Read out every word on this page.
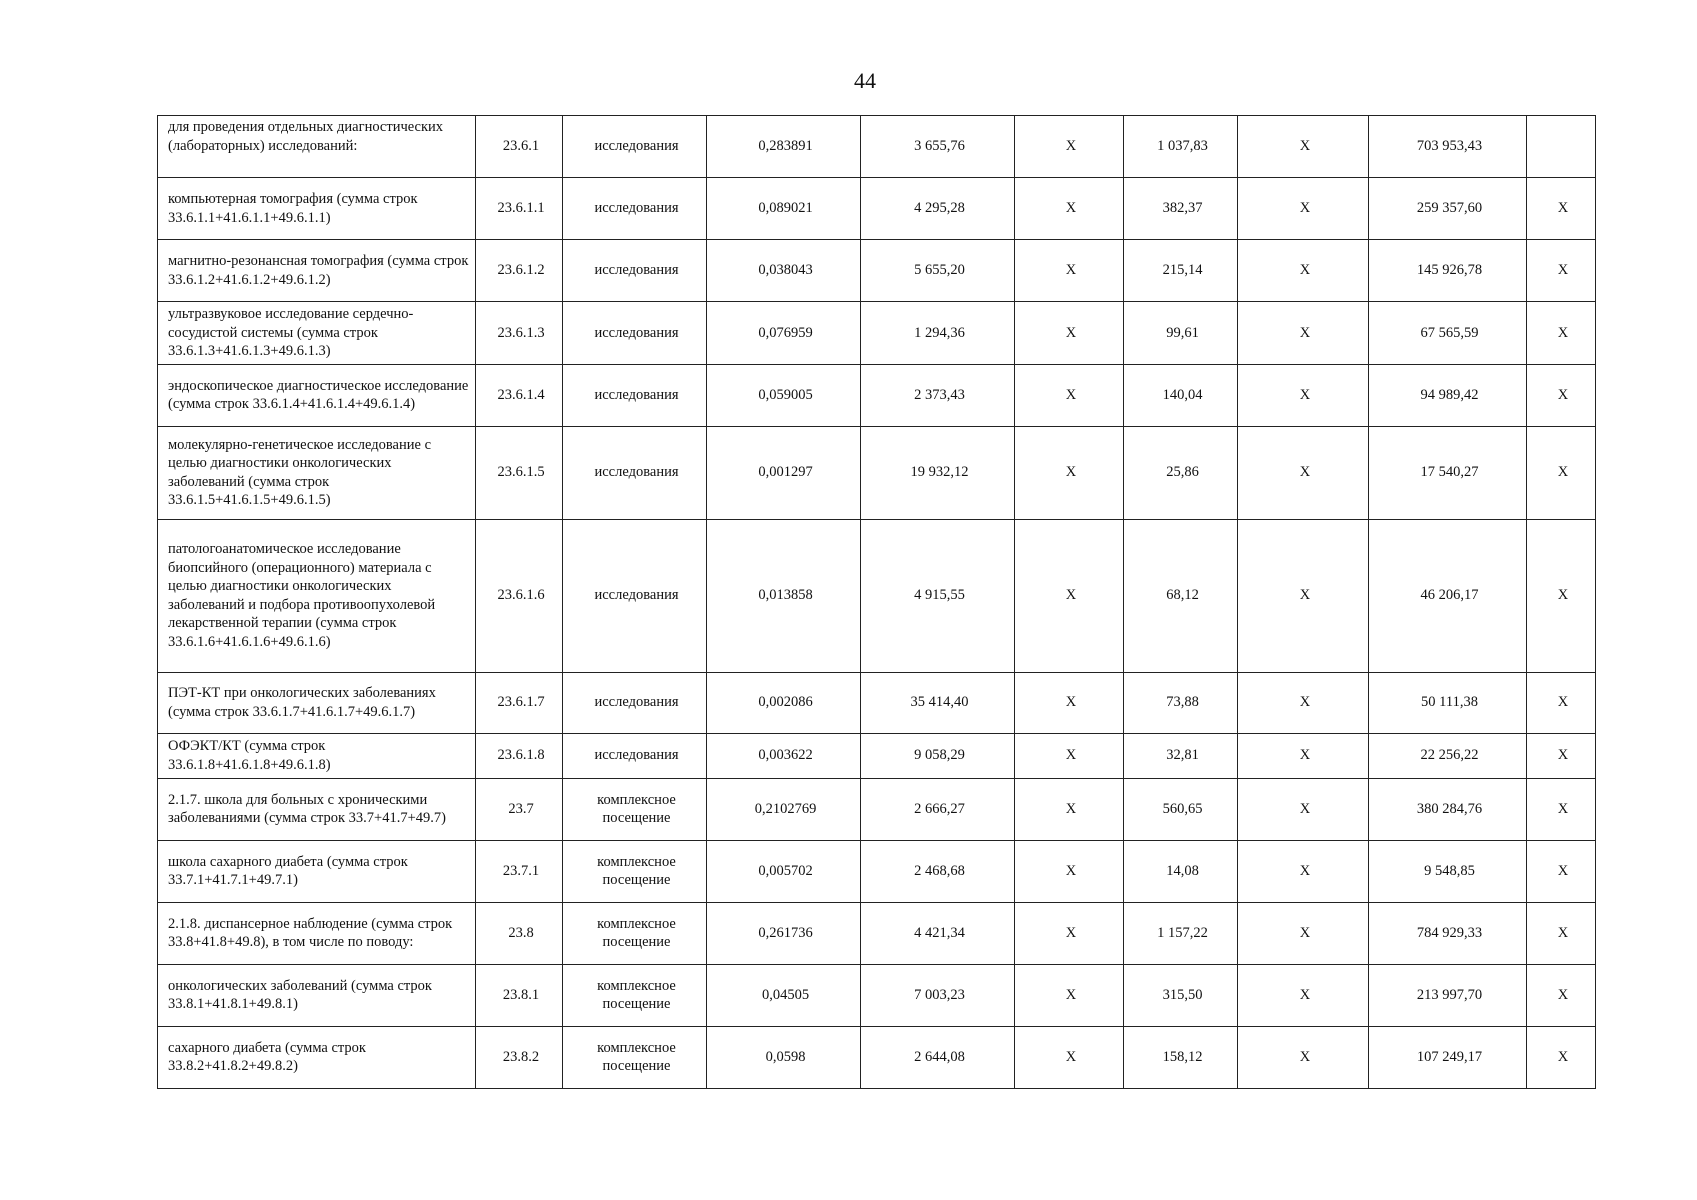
44
для проведения отдельных диагностических (лабораторных) исследований:	23.6.1	исследования	0,283891	3 655,76	X	1 037,83	X	703 953,43	
компьютерная томография (сумма строк 33.6.1.1+41.6.1.1+49.6.1.1)	23.6.1.1	исследования	0,089021	4 295,28	X	382,37	X	259 357,60	X
магнитно-резонансная томография (сумма строк 33.6.1.2+41.6.1.2+49.6.1.2)	23.6.1.2	исследования	0,038043	5 655,20	X	215,14	X	145 926,78	X
ультразвуковое исследование сердечно-сосудистой системы (сумма строк 33.6.1.3+41.6.1.3+49.6.1.3)	23.6.1.3	исследования	0,076959	1 294,36	X	99,61	X	67 565,59	X
эндоскопическое диагностическое исследование (сумма строк 33.6.1.4+41.6.1.4+49.6.1.4)	23.6.1.4	исследования	0,059005	2 373,43	X	140,04	X	94 989,42	X
молекулярно-генетическое исследование с целью диагностики онкологических заболеваний (сумма строк 33.6.1.5+41.6.1.5+49.6.1.5)	23.6.1.5	исследования	0,001297	19 932,12	X	25,86	X	17 540,27	X
патологоанатомическое исследование биопсийного (операционного) материала с целью диагностики онкологических заболеваний и подбора противоопухолевой лекарственной терапии (сумма строк 33.6.1.6+41.6.1.6+49.6.1.6)	23.6.1.6	исследования	0,013858	4 915,55	X	68,12	X	46 206,17	X
ПЭТ-КТ при онкологических заболеваниях (сумма строк 33.6.1.7+41.6.1.7+49.6.1.7)	23.6.1.7	исследования	0,002086	35 414,40	X	73,88	X	50 111,38	X
ОФЭКТ/КТ (сумма строк 33.6.1.8+41.6.1.8+49.6.1.8)	23.6.1.8	исследования	0,003622	9 058,29	X	32,81	X	22 256,22	X
2.1.7. школа для больных с хроническими заболеваниями (сумма строк 33.7+41.7+49.7)	23.7	комплексное посещение	0,2102769	2 666,27	X	560,65	X	380 284,76	X
школа сахарного диабета (сумма строк 33.7.1+41.7.1+49.7.1)	23.7.1	комплексное посещение	0,005702	2 468,68	X	14,08	X	9 548,85	X
2.1.8. диспансерное наблюдение (сумма строк 33.8+41.8+49.8), в том числе по поводу:	23.8	комплексное посещение	0,261736	4 421,34	X	1 157,22	X	784 929,33	X
онкологических заболеваний (сумма строк 33.8.1+41.8.1+49.8.1)	23.8.1	комплексное посещение	0,04505	7 003,23	X	315,50	X	213 997,70	X
сахарного диабета (сумма строк 33.8.2+41.8.2+49.8.2)	23.8.2	комплексное посещение	0,0598	2 644,08	X	158,12	X	107 249,17	X
